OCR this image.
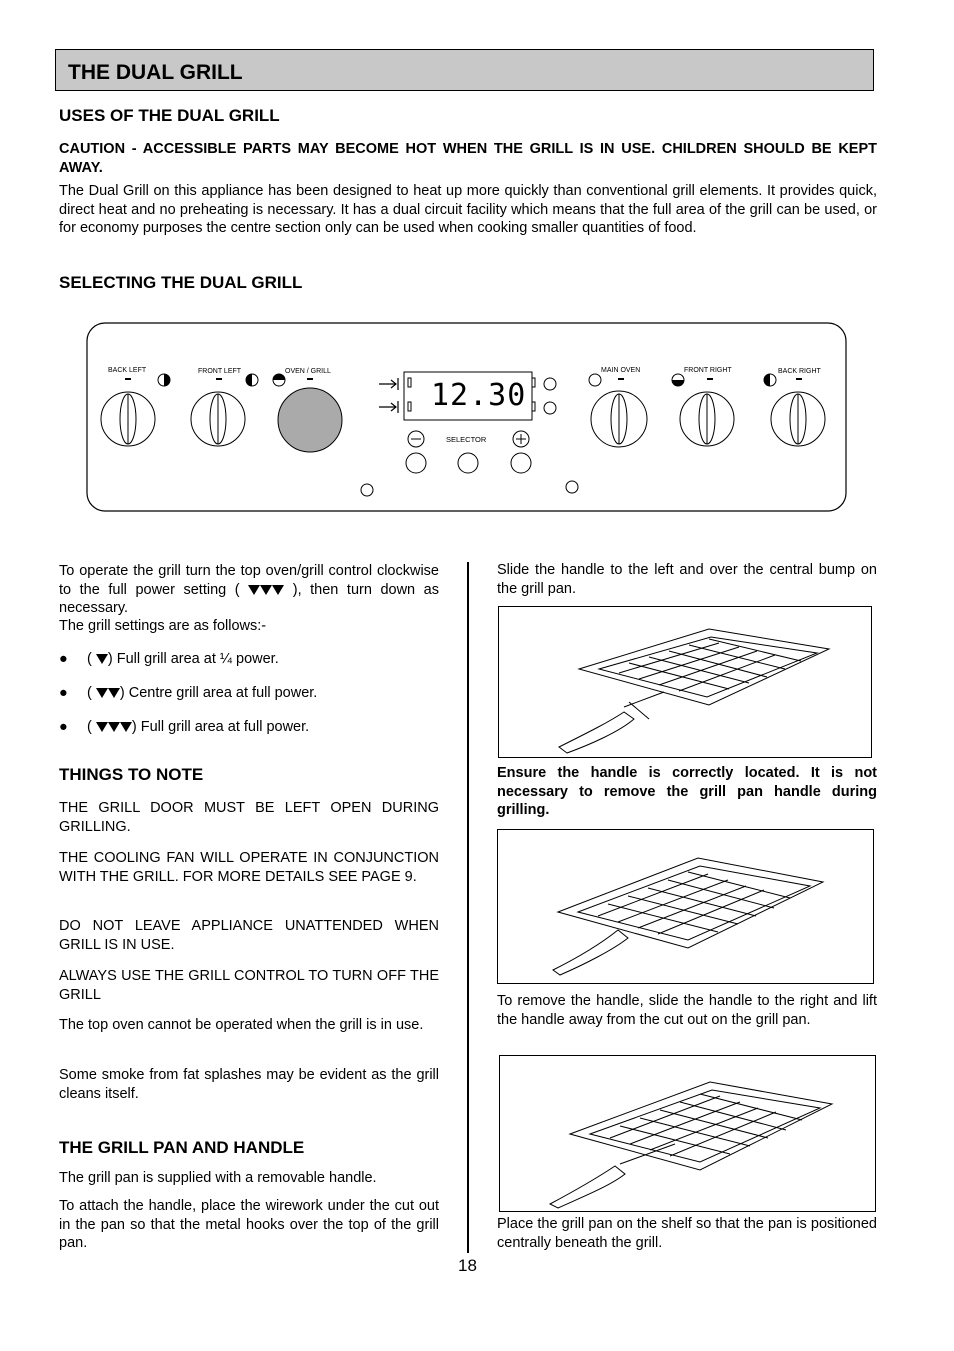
THE DUAL GRILL
USES OF THE DUAL GRILL
CAUTION - ACCESSIBLE PARTS MAY BECOME HOT WHEN THE GRILL IS IN USE. CHILDREN SHOULD BE KEPT AWAY.
The Dual Grill on this appliance has been designed to heat up more quickly than conventional grill elements. It provides quick, direct heat and no preheating is necessary. It has a dual circuit facility which means that the full area of the grill can be used, or for economy purposes the centre section only can be used when cooking smaller quantities of food.
SELECTING THE DUAL GRILL
BACK LEFT	FRONT LEFT	OVEN / GRILL	MAIN OVEN	FRONT RIGHT	BACK RIGHT
SELECTOR
12.30
To operate the grill turn the top oven/grill control clockwise to the full power setting (	), then turn down as necessary.
The grill settings are as follows:-
● ( ) Full grill area at ¼ power.
● ( ) Centre grill area at full power.
● (	) Full grill area at full power.
THINGS TO NOTE
THE GRILL DOOR MUST BE LEFT OPEN DURING GRILLING.
THE COOLING FAN WILL OPERATE IN CONJUNCTION WITH THE GRILL. FOR MORE DETAILS SEE PAGE 9.
DO NOT LEAVE APPLIANCE UNATTENDED WHEN GRILL IS IN USE.
ALWAYS USE THE GRILL CONTROL TO TURN OFF THE GRILL
The top oven cannot be operated when the grill is in use.
Some smoke from fat splashes may be evident as the grill cleans itself.
THE GRILL PAN AND HANDLE
The grill pan is supplied with a removable handle.
To attach the handle, place the wirework under the cut out in the pan so that the metal hooks over the top of the grill pan.
Slide the handle to the left and over the central bump on the grill pan.
Ensure the handle is correctly located. It is not necessary to remove the grill pan handle during grilling.
To remove the handle, slide the handle to the right and lift the handle away from the cut out on the grill pan.
Place the grill pan on the shelf so that the pan is positioned centrally beneath the grill.
18
